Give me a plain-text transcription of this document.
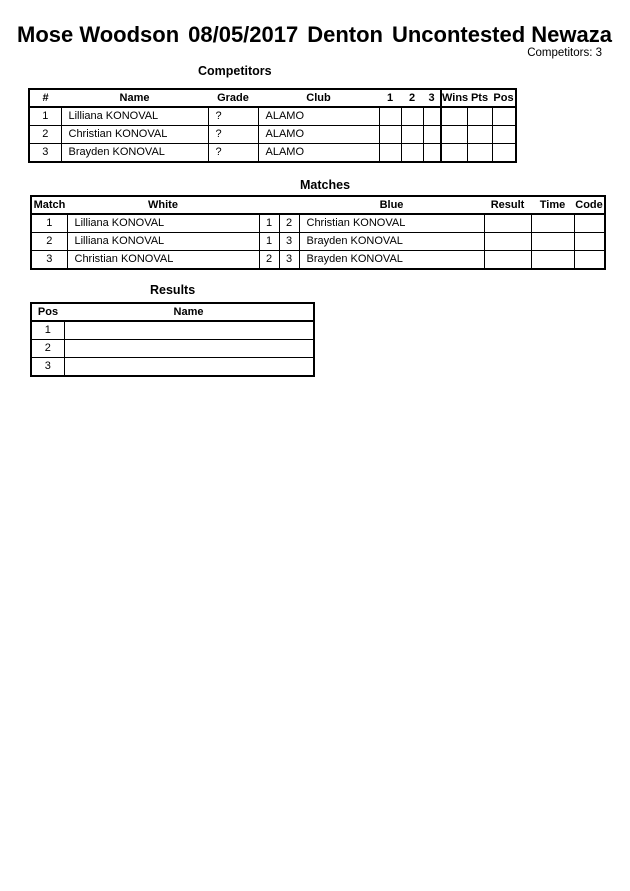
Mose Woodson 08/05/2017 Denton Uncontested Newaza
Competitors: 3
Competitors
#	Name	Grade	Club	1	2	3	Wins	Pts	Pos
1	Lilliana KONOVAL	?	ALAMO						
2	Christian KONOVAL	?	ALAMO						
3	Brayden KONOVAL	?	ALAMO						
Matches
Match	White			Blue	Result	Time	Code
1	Lilliana KONOVAL	1	2	Christian KONOVAL			
2	Lilliana KONOVAL	1	3	Brayden KONOVAL			
3	Christian KONOVAL	2	3	Brayden KONOVAL			
Results
Pos	Name
1	
2	
3	
